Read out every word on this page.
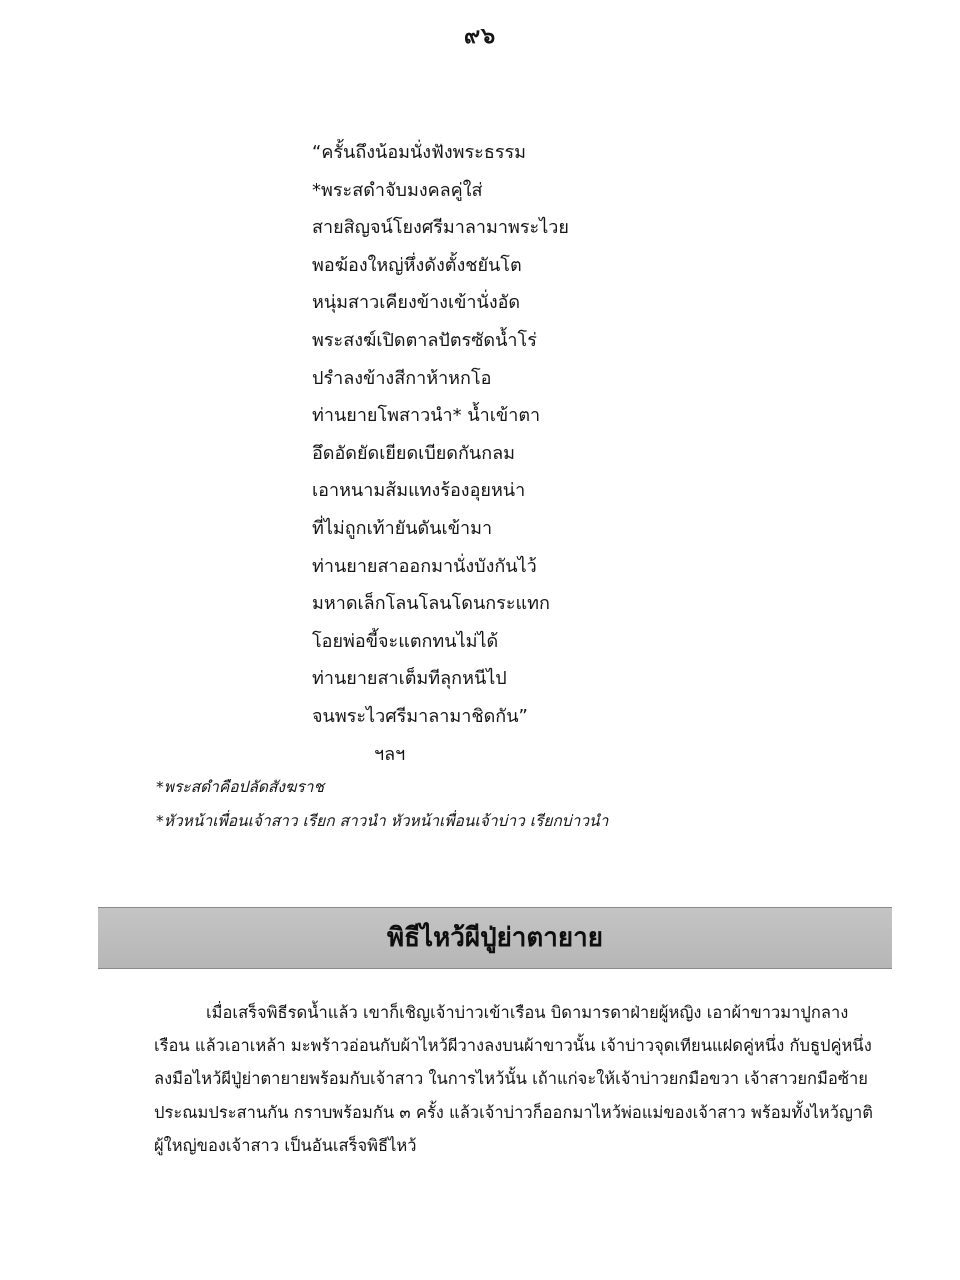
๙๖
“ครั้นถึงน้อมนั่งฟังพระธรรม
*พระสดำจับมงคลคู่ใส่
สายสิญจน์โยงศรีมาลามาพระไวย
พอฆ้องใหญ่หึ่งดังตั้งชยันโต
หนุ่มสาวเคียงข้างเข้านั่งอัด
พระสงฆ์เปิดตาลปัตรซัดน้ำโร่
ปรำลงข้างสีกาห้าหกโอ
ท่านยายโพสาวนำ* น้ำเข้าตา
อึดอัดยัดเยียดเบียดกันกลม
เอาหนามส้มแทงร้องอุยหน่า
ที่ไม่ถูกเท้ายันดันเข้ามา
ท่านยายสาออกมานั่งบังกันไว้
มหาดเล็กโลนโลนโดนกระแทก
โอยพ่อขี้จะแตกทนไม่ได้
ท่านยายสาเต็มทีลุกหนีไป
จนพระไวศรีมาลามาชิดกัน”
ฯลฯ
*พระสดำคือปลัดสังฆราช
*หัวหน้าเพื่อนเจ้าสาว เรียก สาวนำ หัวหน้าเพื่อนเจ้าบ่าว เรียกบ่าวนำ
พิธีไหว้ผีปู่ย่าตายาย
เมื่อเสร็จพิธีรดน้ำแล้ว เขาก็เชิญเจ้าบ่าวเข้าเรือน บิดามารดาฝ่ายผู้หญิง เอาผ้าขาวมาปูกลาง
เรือน แล้วเอาเหล้า มะพร้าวอ่อนกับผ้าไหว้ผีวางลงบนผ้าขาวนั้น เจ้าบ่าวจุดเทียนแฝดคู่หนึ่ง กับธูปคู่หนึ่ง
ลงมือไหว้ผีปู่ย่าตายายพร้อมกับเจ้าสาว ในการไหว้นั้น เถ้าแก่จะให้เจ้าบ่าวยกมือขวา เจ้าสาวยกมือซ้าย
ประณมประสานกัน กราบพร้อมกัน ๓ ครั้ง แล้วเจ้าบ่าวก็ออกมาไหว้พ่อแม่ของเจ้าสาว พร้อมทั้งไหว้ญาติ
ผู้ใหญ่ของเจ้าสาว เป็นอันเสร็จพิธีไหว้
